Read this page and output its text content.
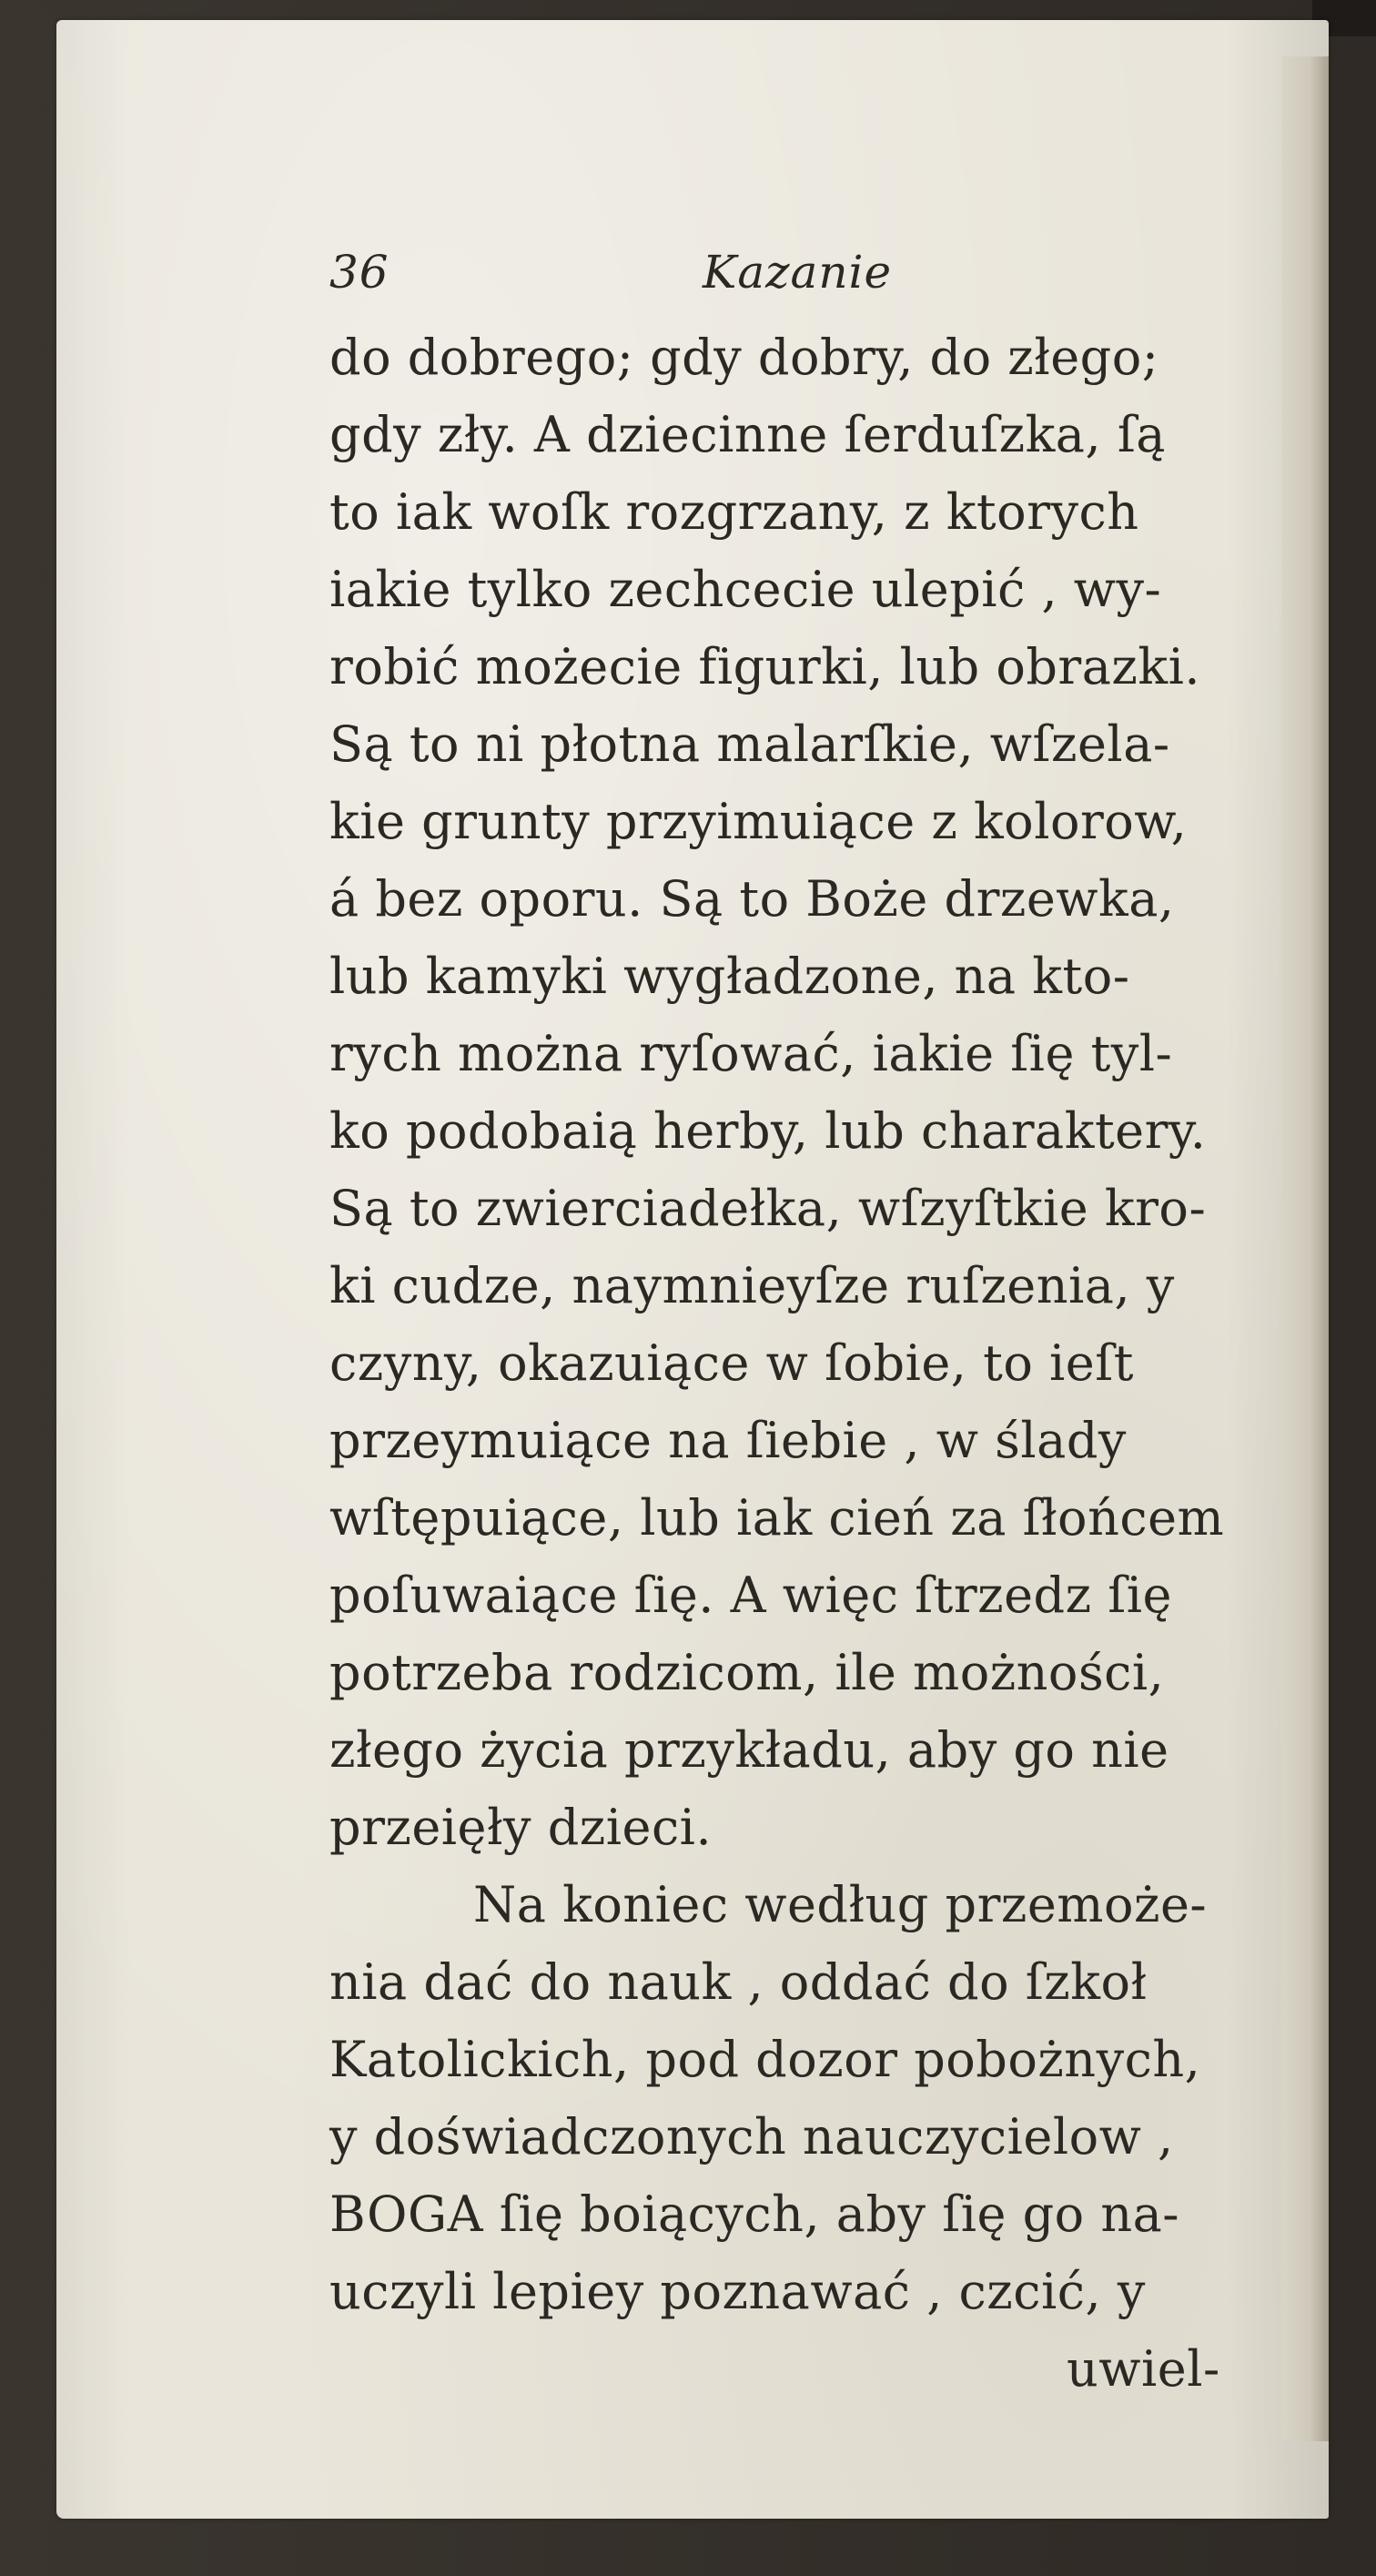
36	Kazanie
do dobrego; gdy dobry, do złego;
gdy zły. A dziecinne ſerduſzka, ſą
to iak woſk rozgrzany, z ktorych
iakie tylko zechcecie ulepić , wy-
robić możecie figurki, lub obrazki.
Są to ni płotna malarſkie, wſzela-
kie grunty przyimuiące z kolorow,
á bez oporu. Są to Boże drzewka,
lub kamyki wygładzone, na kto-
rych można ryſować, iakie ſię tyl-
ko podobaią herby, lub charaktery.
Są to zwierciadełka, wſzyſtkie kro-
ki cudze, naymnieyſze ruſzenia, y
czyny, okazuiące w ſobie, to ieſt
przeymuiące na ſiebie , w ślady
wſtępuiące, lub iak cień za ſłońcem
poſuwaiące ſię. A więc ſtrzedz ſię
potrzeba rodzicom, ile możności,
złego życia przykładu, aby go nie
przeięły dzieci.
Na koniec według przemoże-
nia dać do nauk , oddać do ſzkoł
Katolickich, pod dozor pobożnych,
y doświadczonych nauczycielow ,
BOGA ſię boiących, aby ſię go na-
uczyli lepiey poznawać , czcić, y
uwiel-
